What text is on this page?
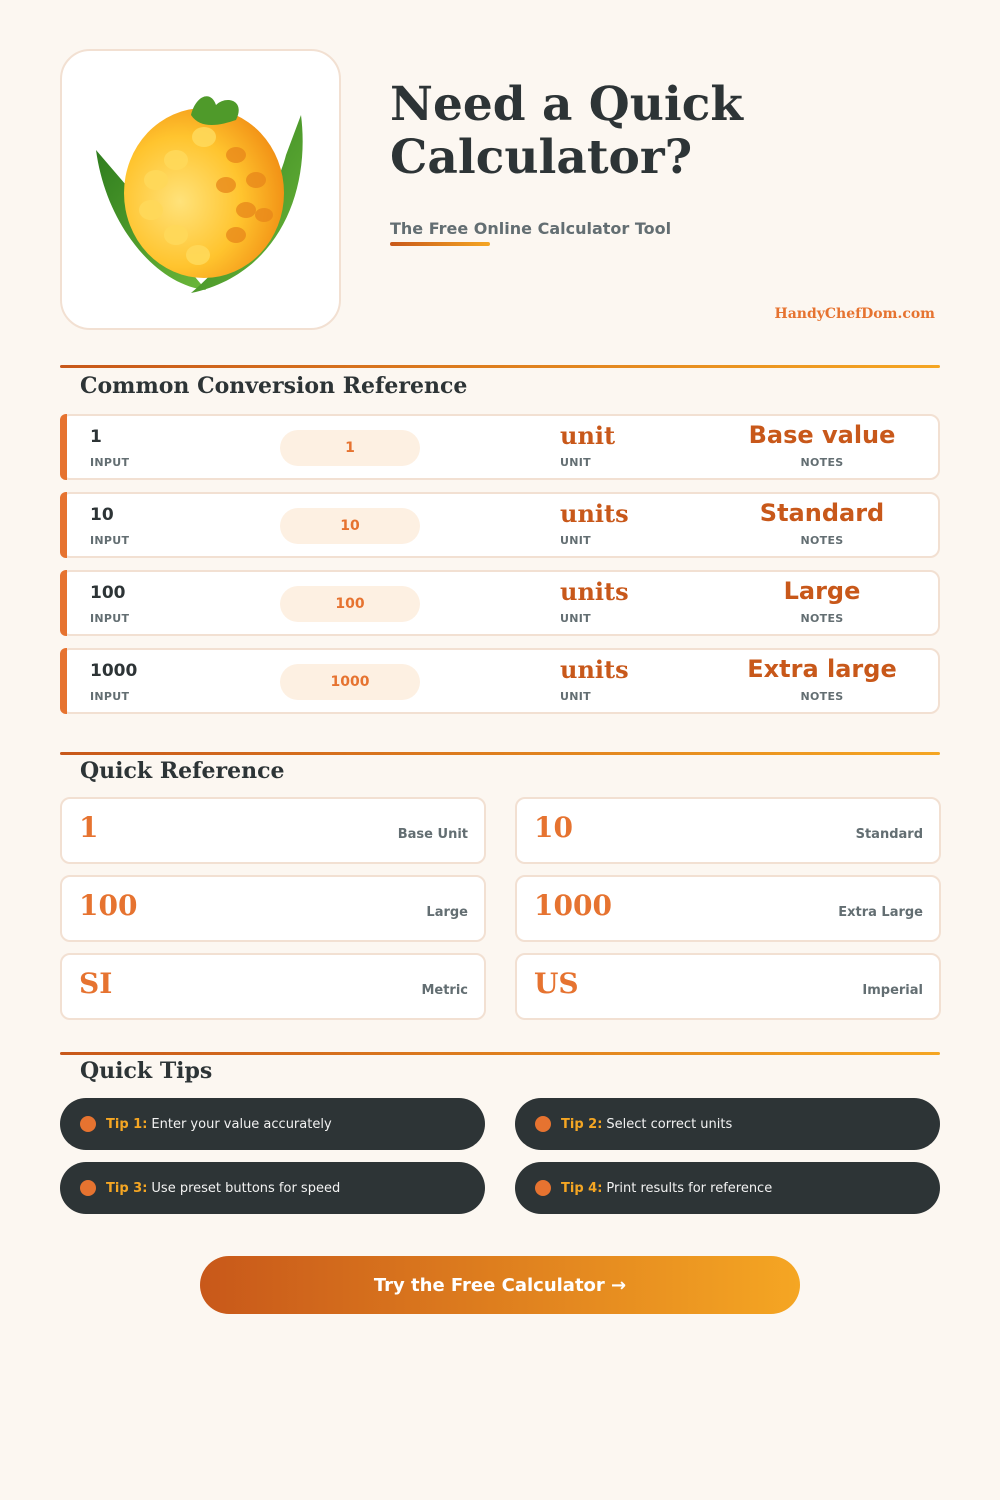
Need a Quick Calculator?
The Free Online Calculator Tool
HandyChefDom.com
Common Conversion Reference
1
INPUT
1	unit
UNIT
Base value
NOTES
10
INPUT
10	units
UNIT
Standard
NOTES
100
INPUT
100	units
UNIT
Large
NOTES
1000
INPUT
1000	units
UNIT
Extra large
NOTES
Quick Reference
1	Base Unit 10	Standard
100	Large 1000	Extra Large
SI	Metric US	Imperial
Quick Tips
Tip 1: Enter your value accurately	Tip 2: Select correct units
Tip 3: Use preset buttons for speed	Tip 4: Print results for reference
Try the Free Calculator →
